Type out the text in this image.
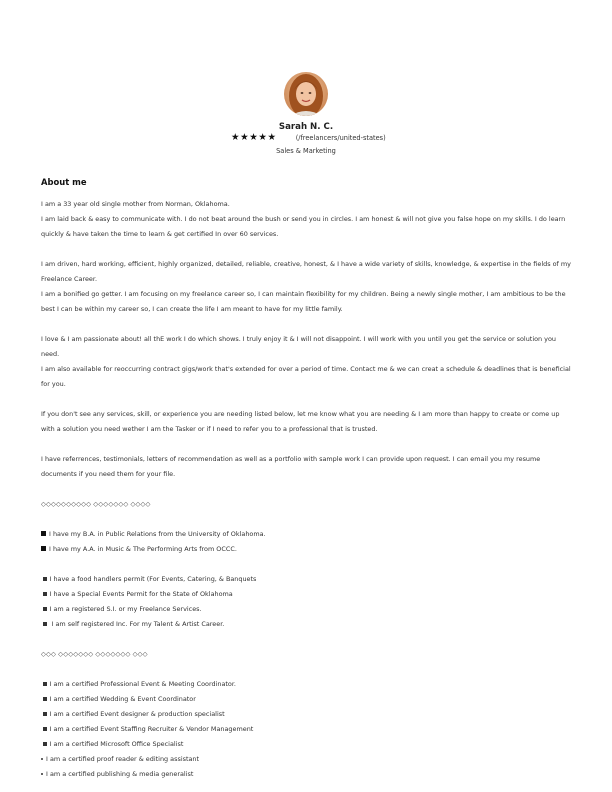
Sarah N. C.
★★★★★	(/freelancers/united-states)
Sales & Marketing
About me

I am a 33 year old single mother from Norman, Oklahoma.

I am laid back & easy to communicate with. I do not beat around the bush or send you in circles. I am honest & will not give you false hope on my skills. I do learn quickly & have taken the time to learn & get certified In over 60 services.

I am driven, hard working, efficient, highly organized, detailed, reliable, creative, honest, & I have a wide variety of skills, knowledge, & expertise in the fields of my Freelance Career.

I am a bonified go getter. I am focusing on my freelance career so, I can maintain flexibility for my children. Being a newly single mother, I am ambitious to be the best I can be within my career so, I can create the life I am meant to have for my little family.

I love & I am passionate about! all thE work I do which shows. I truly enjoy it & I will not disappoint. I will work with you until you get the service or solution you need.

I am also available for reoccurring contract gigs/work that's extended for over a period of time. Contact me & we can creat a schedule & deadlines that is beneficial for you.

If you don't see any services, skill, or experience you are needing listed below, let me know what you are needing & I am more than happy to create or come up with a solution you need wether I am the Tasker or if I need to refer you to a professional that is trusted.

I have referrences, testimonials, letters of recommendation as well as a portfolio with sample work I can provide upon request. I can email you my resume documents if you need them for your file.

◇◇◇◇◇◇◇◇◇◇ ◇◇◇◇◇◇◇ ◇◇◇◇
I have my B.A. in Public Relations from the University of Oklahoma.
I have my A.A. in Music & The Performing Arts from OCCC.
I have a food handlers permit (For Events, Catering, & Banquets
I have a Special Events Permit for the State of Oklahoma
I am a registered S.I. or my Freelance Services.
I am self registered Inc. For my Talent & Artist Career.
◇◇◇ ◇◇◇◇◇◇◇ ◇◇◇◇◇◇◇ ◇◇◇
I am a certified Professional Event & Meeting Coordinator.
I am a certified Wedding & Event Coordinator
I am a certified Event designer & production specialist
I am a certified Event Staffing Recruiter & Vendor Management
I am a certified Microsoft Office Specialist
I am a certified proof reader & editing assistant
I am a certified publishing & media generalist
